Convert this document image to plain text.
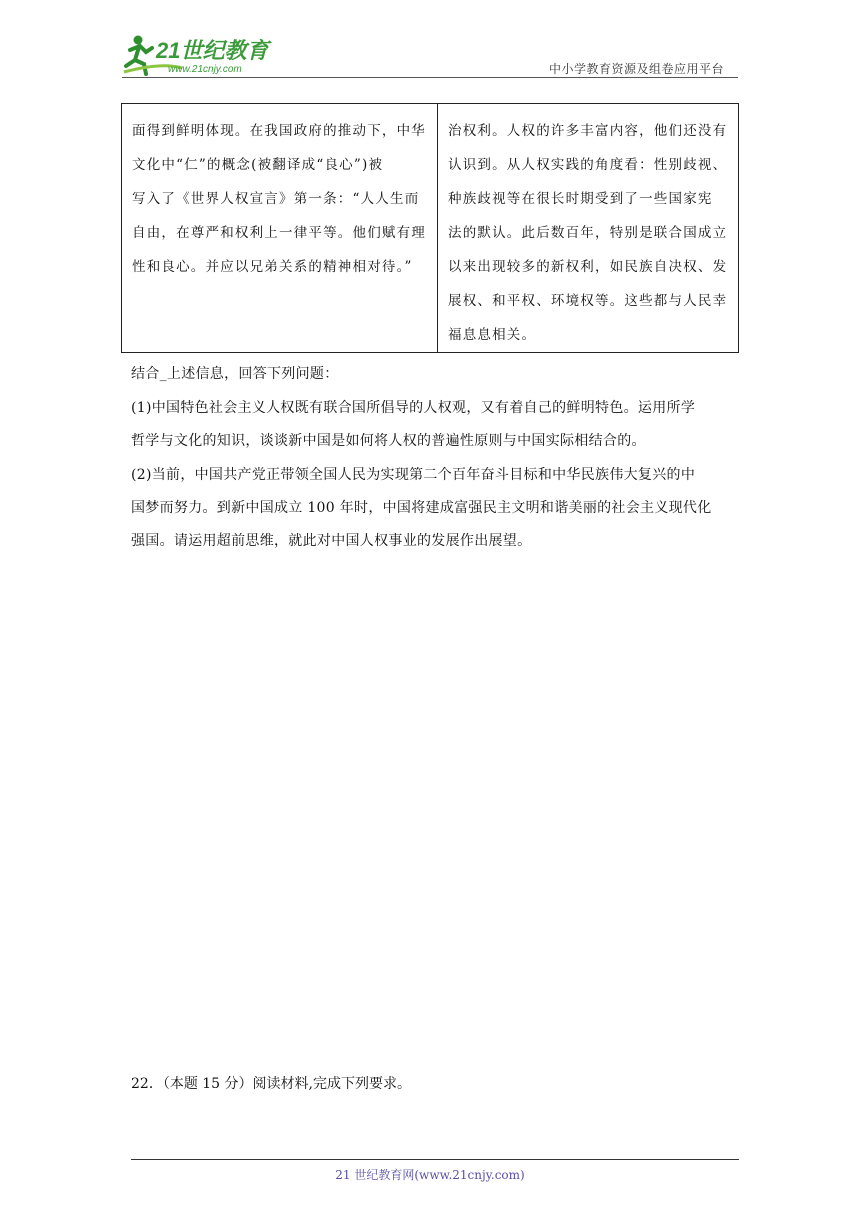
21世纪教育
www.21cnjy.com	中小学教育资源及组卷应用平台
面得到鲜明体现。在我国政府的推动下，中华
文化中“仁”的概念(被翻译成“良心”)被
写入了《世界人权宣言》第一条：“人人生而
自由，在尊严和权利上一律平等。他们赋有理
性和良心。并应以兄弟关系的精神相对待。”
治权利。人权的许多丰富内容，他们还没有
认识到。从人权实践的角度看：性别歧视、
种族歧视等在很长时期受到了一些国家宪
法的默认。此后数百年，特别是联合国成立
以来出现较多的新权利，如民族自决权、发
展权、和平权、环境权等。这些都与人民幸
福息息相关。
结合_上述信息，回答下列问题：
(1)中国特色社会主义人权既有联合国所倡导的人权观，又有着自己的鲜明特色。运用所学
哲学与文化的知识，谈谈新中国是如何将人权的普遍性原则与中国实际相结合的。
(2)当前，中国共产党正带领全国人民为实现第二个百年奋斗目标和中华民族伟大复兴的中
国梦而努力。到新中国成立 100 年时，中国将建成富强民主文明和谐美丽的社会主义现代化
强国。请运用超前思维，就此对中国人权事业的发展作出展望。
22．（本题 15 分）阅读材料,完成下列要求。
21 世纪教育网(www.21cnjy.com)
